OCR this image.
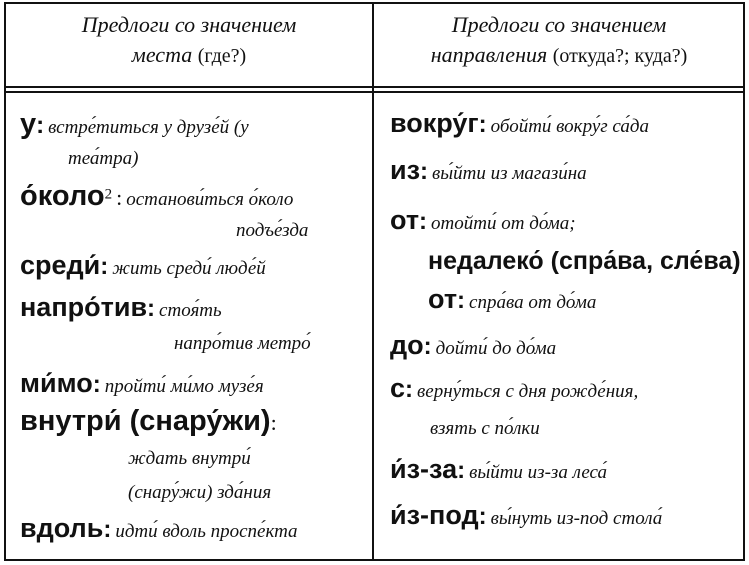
Предлоги со значением
места (где?)
Предлоги со значением
направления (откуда?; куда?)
у: встре́титься у друзе́й (у
теа́тра)
о́коло2 : останови́ться о́коло
подъе́зда
среди́: жить среди́ люде́й
напро́тив: стоя́ть
напро́тив метро́
ми́мо: пройти́ ми́мо музе́я
внутри́ (снару́жи):
ждать внутри́
(снару́жи) зда́ния
вдоль: идти́ вдоль проспе́кта
вокру́г: обойти́ вокру́г са́да
из: вы́йти из магази́на
от: отойти́ от до́ма;
недалеко́ (спра́ва, сле́ва)
от: спра́ва от до́ма
до: дойти́ до до́ма
с: верну́ться с дня рожде́ния,
взять с по́лки
и́з-за: вы́йти из-за леса́
и́з-под: вы́нуть из-под стола́
